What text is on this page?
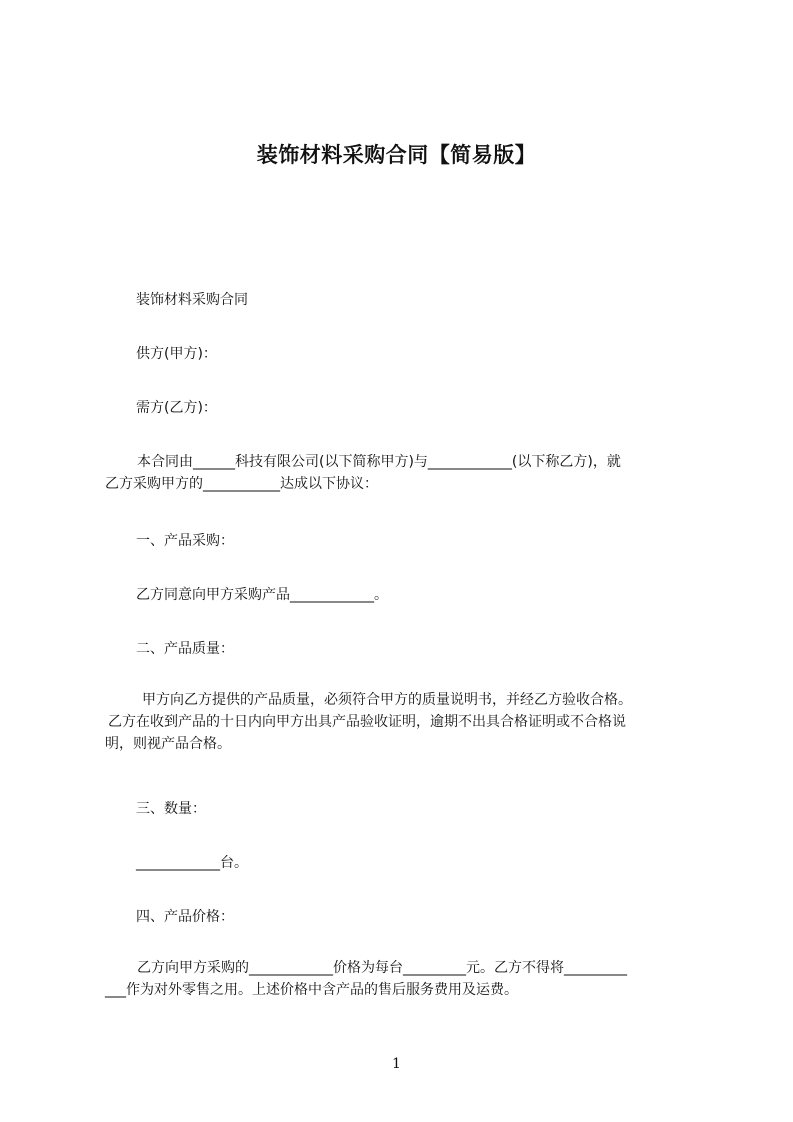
装饰材料采购合同【简易版】
装饰材料采购合同
供方(甲方)：
需方(乙方)：
本合同由______科技有限公司(以下简称甲方)与____________(以下称乙方)，就
乙方采购甲方的___________达成以下协议：
一、产品采购：
乙方同意向甲方采购产品____________。
二、产品质量：
甲方向乙方提供的产品质量，必须符合甲方的质量说明书，并经乙方验收合格。
乙方在收到产品的十日内向甲方出具产品验收证明，逾期不出具合格证明或不合格说
明，则视产品合格。
三、数量：
____________台。
四、产品价格：
乙方向甲方采购的____________价格为每台_________元。乙方不得将_________
___作为对外零售之用。上述价格中含产品的售后服务费用及运费。
1
